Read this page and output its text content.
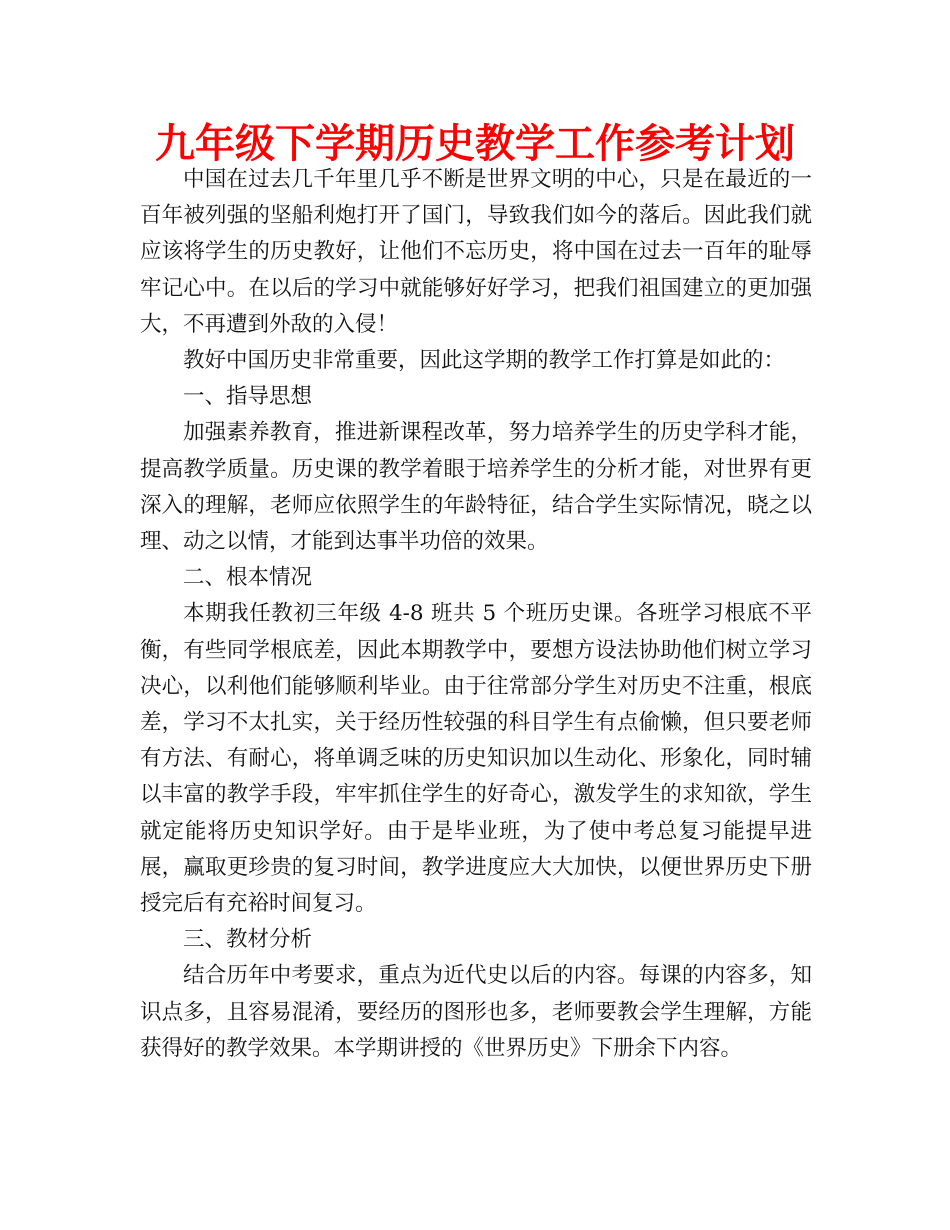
九年级下学期历史教学工作参考计划

中国在过去几千年里几乎不断是世界文明的中心，只是在最近的一百年被列强的坚船利炮打开了国门，导致我们如今的落后。因此我们就应该将学生的历史教好，让他们不忘历史，将中国在过去一百年的耻辱牢记心中。在以后的学习中就能够好好学习，把我们祖国建立的更加强大，不再遭到外敌的入侵！

教好中国历史非常重要，因此这学期的教学工作打算是如此的：

一、指导思想

加强素养教育，推进新课程改革，努力培养学生的历史学科才能，提高教学质量。历史课的教学着眼于培养学生的分析才能，对世界有更深入的理解，老师应依照学生的年龄特征，结合学生实际情况，晓之以理、动之以情，才能到达事半功倍的效果。

二、根本情况

本期我任教初三年级 4-8 班共 5 个班历史课。各班学习根底不平衡，有些同学根底差，因此本期教学中，要想方设法协助他们树立学习决心，以利他们能够顺利毕业。由于往常部分学生对历史不注重，根底差，学习不太扎实，关于经历性较强的科目学生有点偷懒，但只要老师有方法、有耐心，将单调乏味的历史知识加以生动化、形象化，同时辅以丰富的教学手段，牢牢抓住学生的好奇心，激发学生的求知欲，学生就定能将历史知识学好。由于是毕业班，为了使中考总复习能提早进展，赢取更珍贵的复习时间，教学进度应大大加快，以便世界历史下册授完后有充裕时间复习。

三、教材分析

结合历年中考要求，重点为近代史以后的内容。每课的内容多，知识点多，且容易混淆，要经历的图形也多，老师要教会学生理解，方能获得好的教学效果。本学期讲授的《世界历史》下册余下内容。
